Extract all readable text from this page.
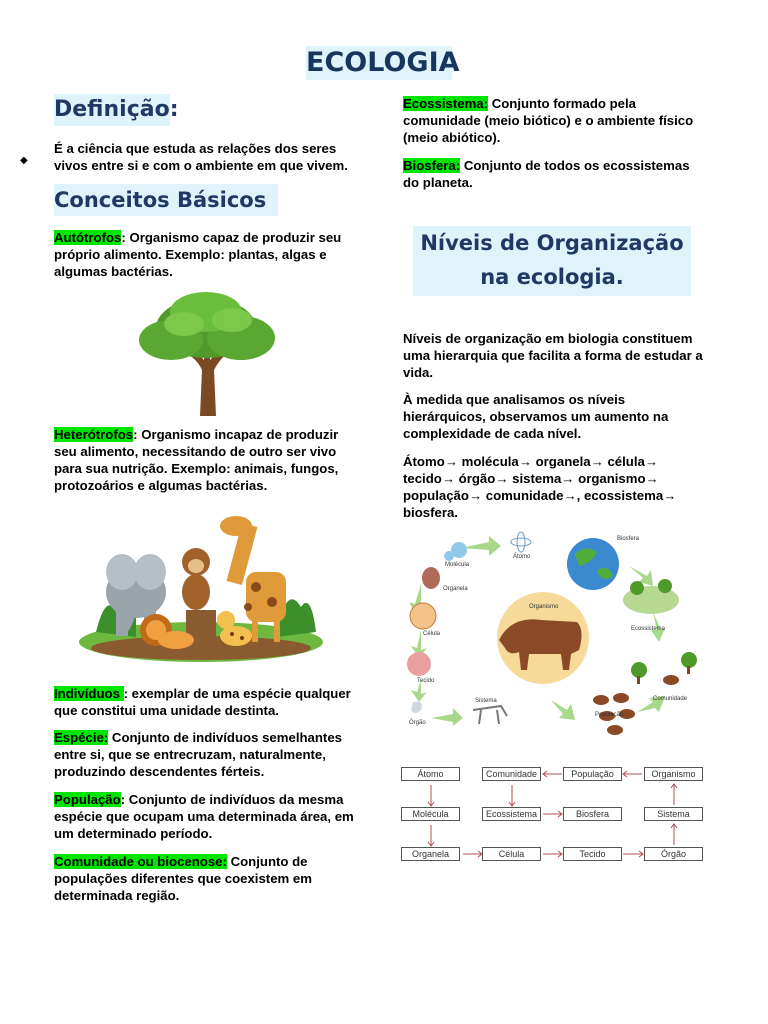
ECOLOGIA
Definição:
◆
É a ciência que estuda as relações dos seres vivos entre si e com o ambiente em que vivem.
Conceitos Básicos
Autótrofos: Organismo capaz de produzir seu próprio alimento. Exemplo: plantas, algas e algumas bactérias.
Heterótrofos: Organismo incapaz de produzir seu alimento, necessitando de outro ser vivo para sua nutrição. Exemplo: animais, fungos, protozoários e algumas bactérias.
Indivíduos : exemplar de uma espécie qualquer que constitui uma unidade destinta.
Espécie: Conjunto de indivíduos semelhantes entre si, que se entrecruzam, naturalmente, produzindo descendentes férteis.
População: Conjunto de indivíduos da mesma espécie que ocupam uma determinada área, em um determinado período.
Comunidade ou biocenose: Conjunto de populações diferentes que coexistem em determinada região.
Ecossistema: Conjunto formado pela comunidade (meio biótico) e o ambiente físico (meio abiótico).
Biosfera: Conjunto de todos os ecossistemas do planeta.
Níveis de Organização
na ecologia.
Níveis de organização em biologia constituem uma hierarquia que facilita a forma de estudar a vida.
À medida que analisamos os níveis hierárquicos, observamos um aumento na complexidade de cada nível.
Átomo→ molécula→ organela→ célula→ tecido→ órgão→ sistema→ organismo→ população→ comunidade→, ecossistema→ biosfera.
Átomo
Molécula
Organela
Célula
Tecido
Órgão
Sistema
Organismo
População
Comunidade
Ecossistema
Biosfera
Átomo	Comunidade	População	Organismo
Molécula	Ecossistema	Biosfera	Sistema
Organela	Célula	Tecido	Órgão
